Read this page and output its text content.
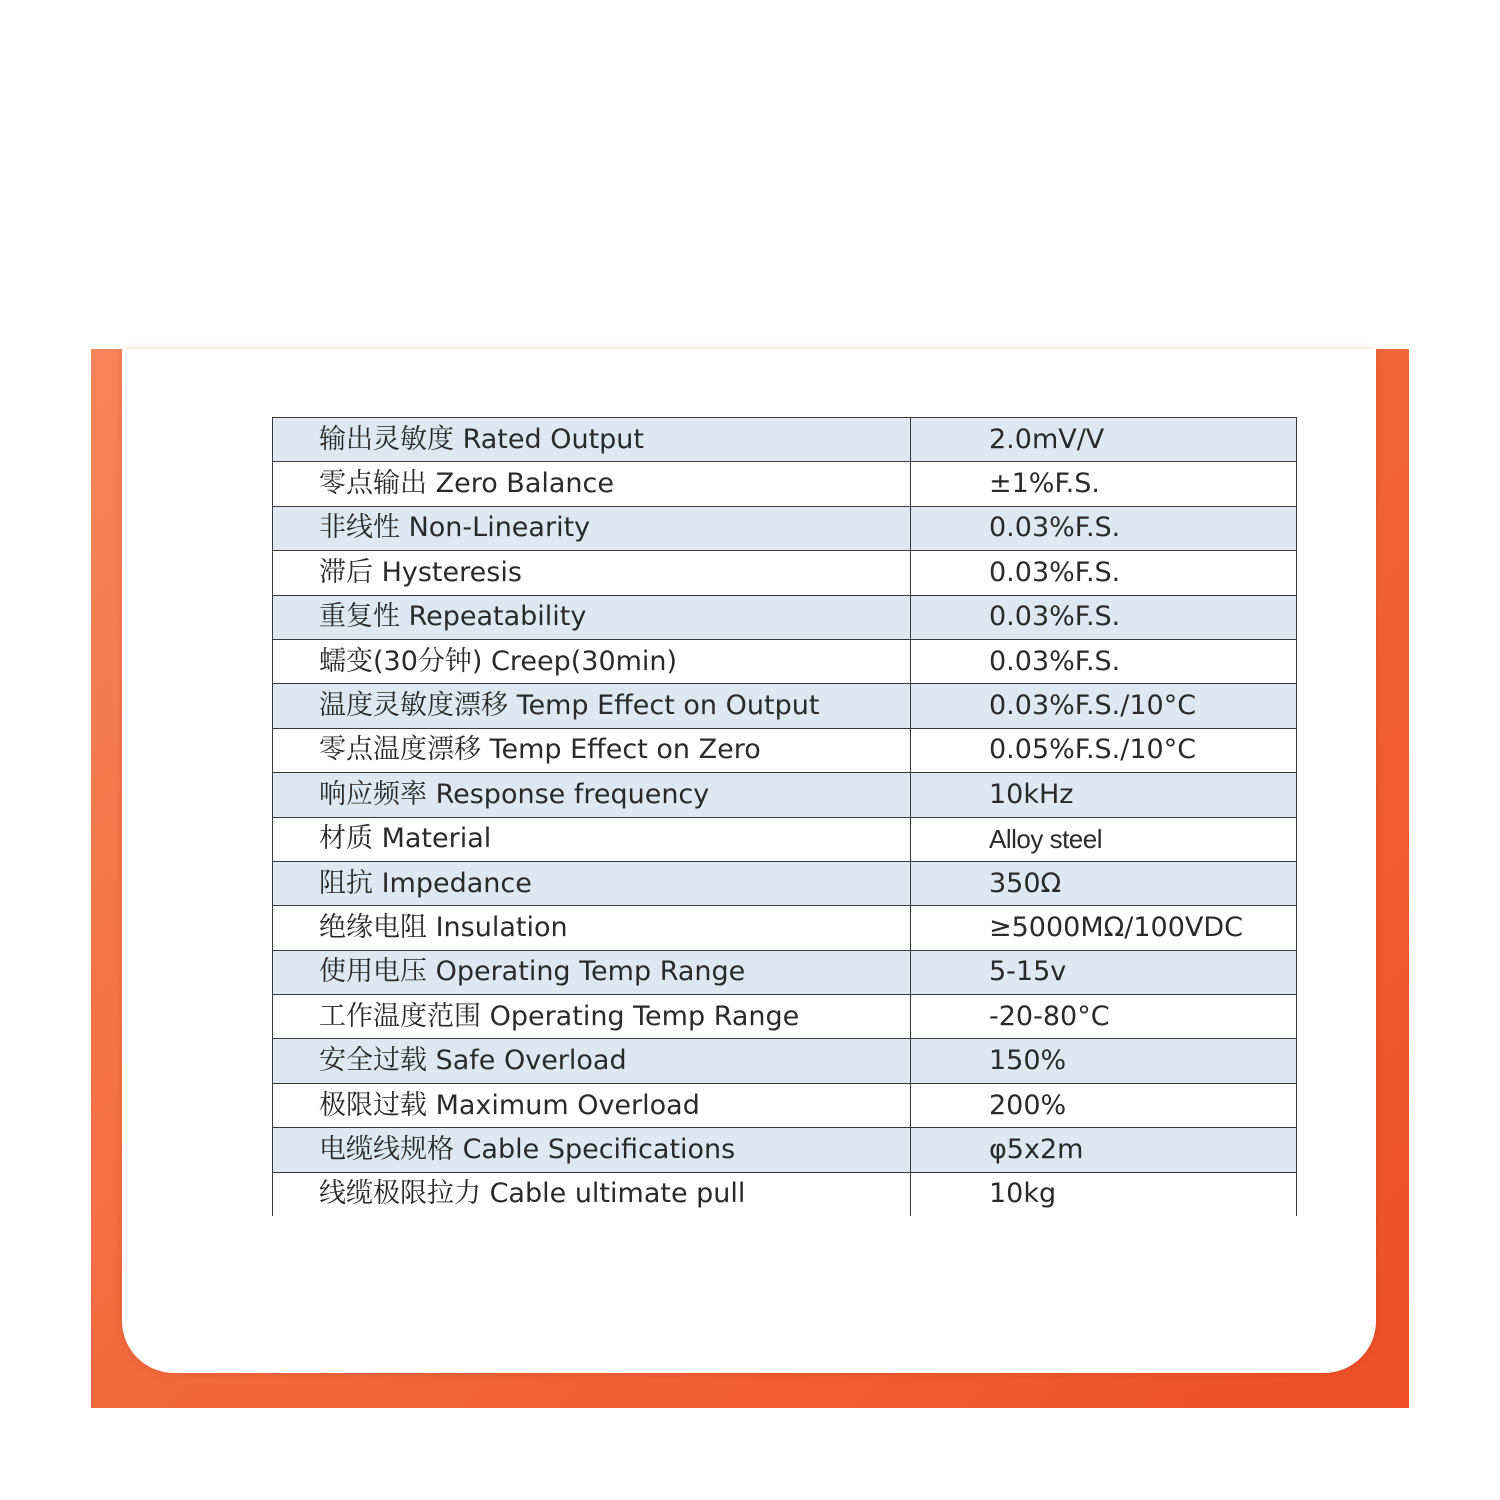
输出灵敏度 Rated Output	2.0mV/V
零点输出 Zero Balance	±1%F.S.
非线性 Non-Linearity	0.03%F.S.
滞后 Hysteresis	0.03%F.S.
重复性 Repeatability	0.03%F.S.
蠕变(30分钟) Creep(30min)	0.03%F.S.
温度灵敏度漂移 Temp Effect on Output	0.03%F.S./10°C
零点温度漂移 Temp Effect on Zero	0.05%F.S./10°C
响应频率 Response frequency	10kHz
材质 Material	Alloy steel
阻抗 Impedance	350Ω
绝缘电阻 Insulation	≥5000MΩ/100VDC
使用电压 Operating Temp Range	5-15v
工作温度范围 Operating Temp Range	-20-80°C
安全过载 Safe Overload	150%
极限过载 Maximum Overload	200%
电缆线规格 Cable Specifications	φ5x2m
线缆极限拉力 Cable ultimate pull	10kg
